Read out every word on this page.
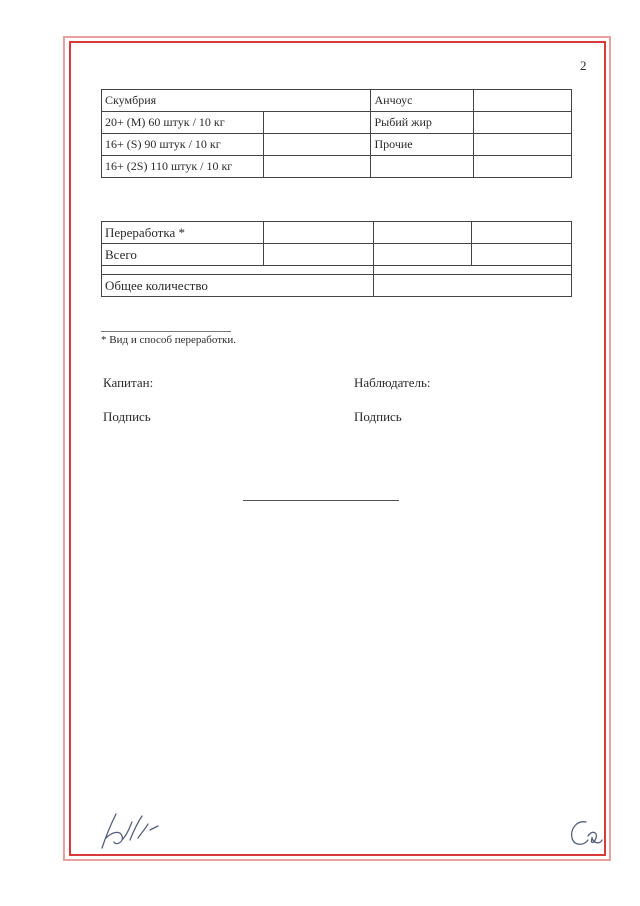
2
Скумбрия		Анчоус	
20+ (M) 60 штук / 10 кг		Рыбий жир	
16+ (S) 90 штук / 10 кг		Прочие	
16+ (2S) 110 штук / 10 кг			
Переработка *			
Всего			

Общее количество			
* Вид и способ переработки.
Капитан:	Наблюдатель:
Подпись	Подпись
